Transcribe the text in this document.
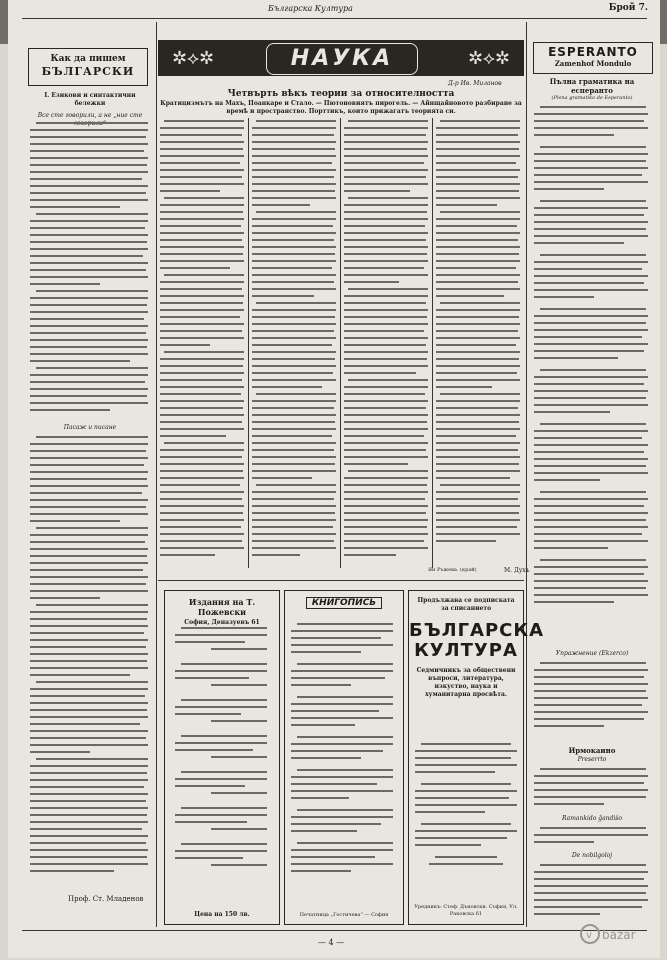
Българска Култура	Брой 7.
Как да пишем
БЪЛГАРСКИ
I. Езикови и синтактични бележки
Все сте говорили, а не „ние сте
Пасаж и писане
Проф. Ст. Младенов
✲⟡✲	НАУКА	✲⟡✲
Д-р Ив. Миланов
Четвърть вѣкъ теории за относителността
Кратицизмътъ на Махъ, Поанкаре и Стало. — Пютоновиятъ пирогель. — Айнщайновото разбиране за времѣ и пространство. Порттикъ, които прижагатъ теорията си.
Ян Ръжева. (край)	М. Духъ
Издания на Т. Пожевски
София, Деназуевъ 61
Цена на 150 лв.
КНИГОПИСЬ
Печатница „Гостичева“ — София
Продължава се подписката за списанието
БЪЛГАРСКА
КУЛТУРА
Седмичникъ за обществени въпроси, литература, изкуство, наука и хуманитарна просвѣта.
Уредникъ: Стеф. Дъновски. София, Ул. Раковска 61
ESPERANTO
Zamenhof Mondulo
Пълна граматика на есперанто
(Plena gramatiko de Esperanto)
Упражнение (Ekzerco)
Ирмокаино
Preserrto
Ramankido ĝandiŝo
De nobilgoloj
— 4 —
v bazar
